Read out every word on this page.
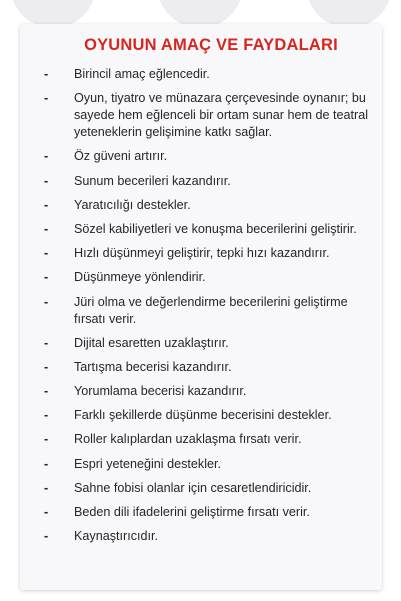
OYUNUN AMAÇ VE FAYDALARI
- Birincil amaç eğlencedir.
- Oyun, tiyatro ve münazara çerçevesinde oynanır; bu sayede hem eğlenceli bir ortam sunar hem de teatral yeteneklerin gelişimine katkı sağlar.
- Öz güveni artırır.
- Sunum becerileri kazandırır.
- Yaratıcılığı destekler.
- Sözel kabiliyetleri ve konuşma becerilerini geliştirir.
- Hızlı düşünmeyi geliştirir, tepki hızı kazandırır.
- Düşünmeye yönlendirir.
- Jüri olma ve değerlendirme becerilerini geliştirme fırsatı verir.
- Dijital esaretten uzaklaştırır.
- Tartışma becerisi kazandırır.
- Yorumlama becerisi kazandırır.
- Farklı şekillerde düşünme becerisini destekler.
- Roller kalıplardan uzaklaşma fırsatı verir.
- Espri yeteneğini destekler.
- Sahne fobisi olanlar için cesaretlendiricidir.
- Beden dili ifadelerini geliştirme fırsatı verir.
- Kaynaştırıcıdır.
